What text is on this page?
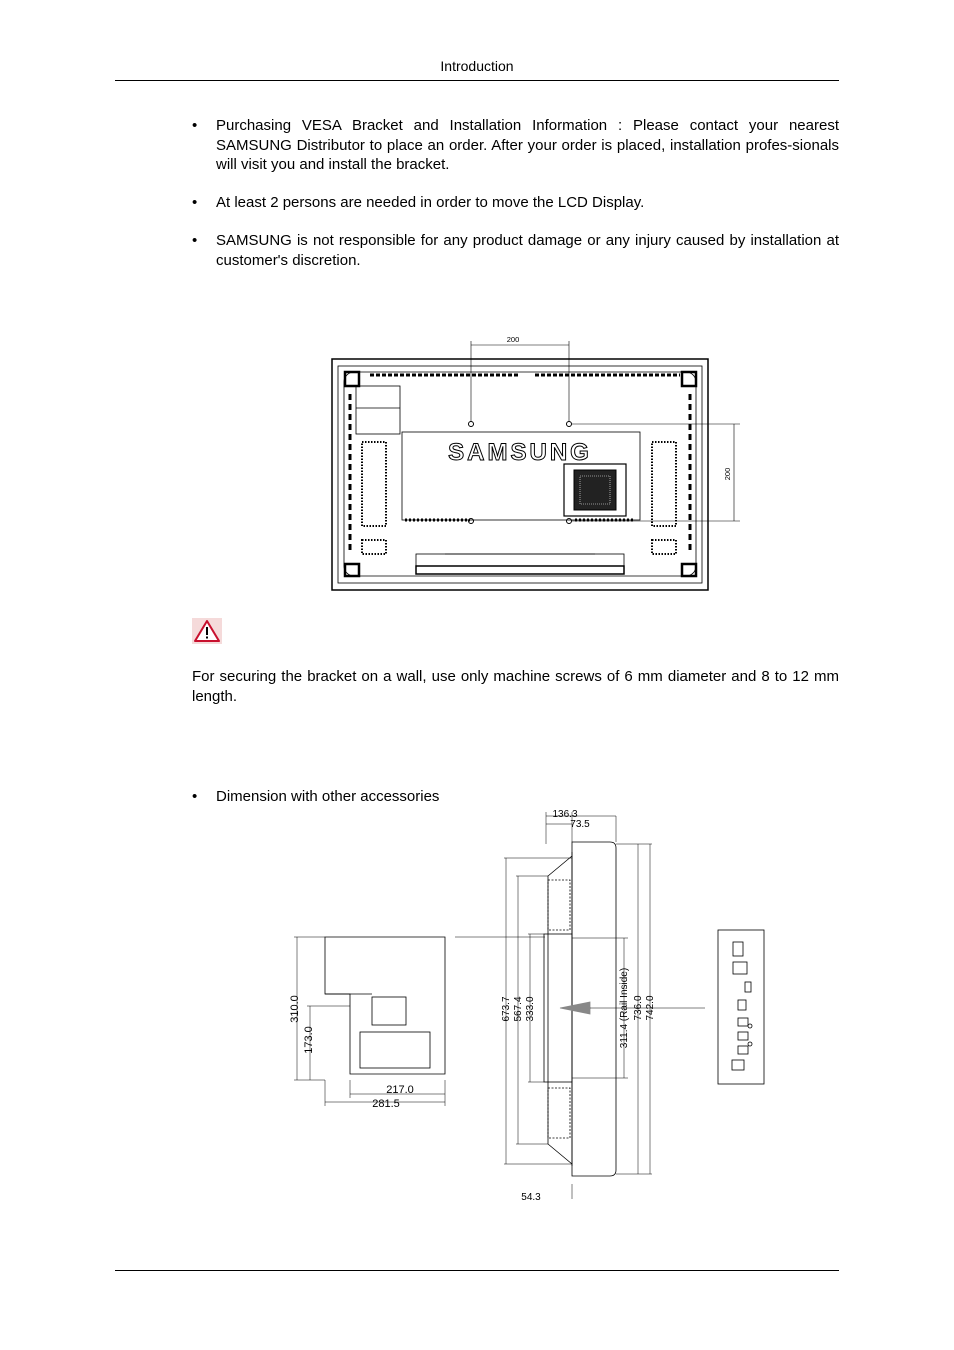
Introduction
• Purchasing VESA Bracket and Installation Information : Please contact your nearest SAMSUNG Distributor to place an order. After your order is placed, installation profes-sionals will visit you and install the bracket.
• At least 2 persons are needed in order to move the LCD Display.
• SAMSUNG is not responsible for any product damage or any injury caused by installation at customer's discretion.
SAMSUNG
200
200
For securing the bracket on a wall, use only machine screws of 6 mm diameter and 8 to 12 mm length.
• Dimension with other accessories
310.0
173.0
217.0
281.5
136.3
73.5
54.3
673.7 567.4 333.0	311.4 (Rail Inside) 736.0 742.0
